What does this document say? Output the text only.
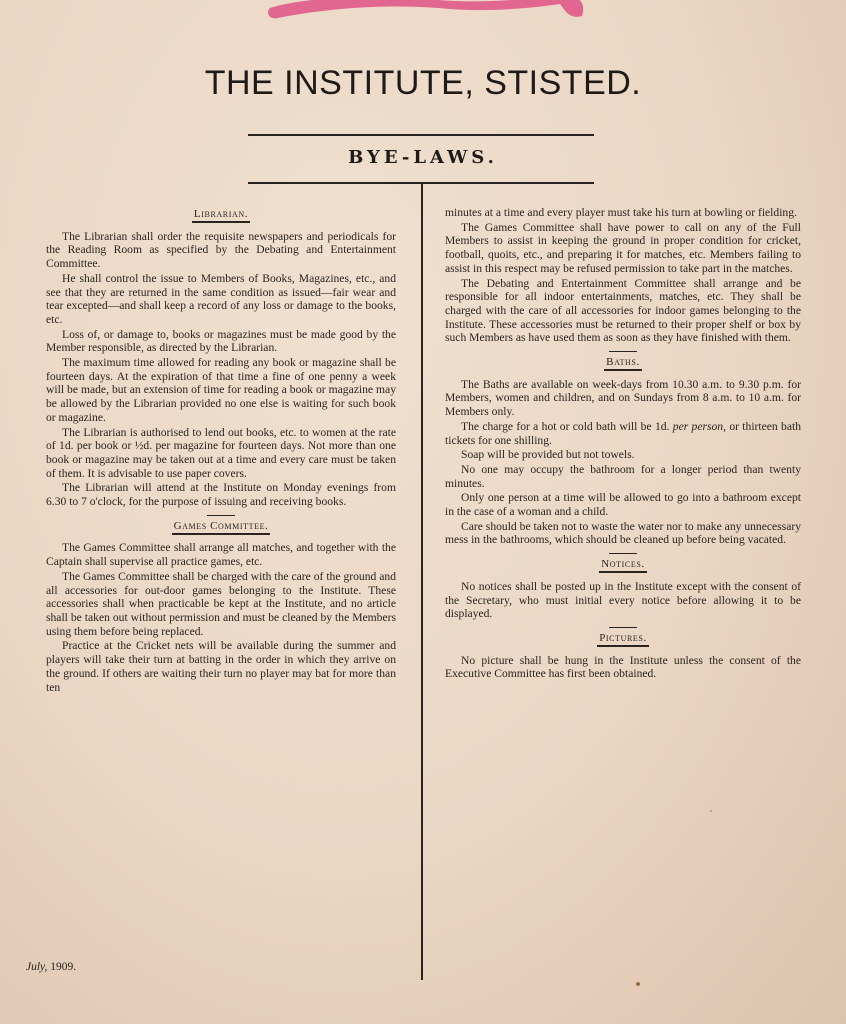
THE INSTITUTE, STISTED.
BYE-LAWS.
Librarian.

The Librarian shall order the requisite newspapers and periodicals for the Reading Room as specified by the Debating and Entertainment Committee.

He shall control the issue to Members of Books, Magazines, etc., and see that they are returned in the same condition as issued—fair wear and tear excepted—and shall keep a record of any loss or damage to the books, etc.

Loss of, or damage to, books or magazines must be made good by the Member responsible, as directed by the Librarian.

The maximum time allowed for reading any book or magazine shall be fourteen days. At the expiration of that time a fine of one penny a week will be made, but an extension of time for reading a book or magazine may be allowed by the Librarian provided no one else is waiting for such book or magazine.

The Librarian is authorised to lend out books, etc. to women at the rate of 1d. per book or ½d. per magazine for fourteen days. Not more than one book or magazine may be taken out at a time and every care must be taken of them. It is advisable to use paper covers.

The Librarian will attend at the Institute on Monday evenings from 6.30 to 7 o'clock, for the purpose of issuing and receiving books.

Games Committee.

The Games Committee shall arrange all matches, and together with the Captain shall supervise all practice games, etc.

The Games Committee shall be charged with the care of the ground and all accessories for out-door games belonging to the Institute. These accessories shall when practicable be kept at the Institute, and no article shall be taken out without permission and must be cleaned by the Members using them before being replaced.

Practice at the Cricket nets will be available during the summer and players will take their turn at batting in the order in which they arrive on the ground. If others are waiting their turn no player may bat for more than ten

minutes at a time and every player must take his turn at bowling or fielding.

The Games Committee shall have power to call on any of the Full Members to assist in keeping the ground in proper condition for cricket, football, quoits, etc., and preparing it for matches, etc. Members failing to assist in this respect may be refused permission to take part in the matches.

The Debating and Entertainment Committee shall arrange and be responsible for all indoor entertainments, matches, etc. They shall be charged with the care of all accessories for indoor games belonging to the Institute. These accessories must be returned to their proper shelf or box by such Members as have used them as soon as they have finished with them.

Baths.

The Baths are available on week-days from 10.30 a.m. to 9.30 p.m. for Members, women and children, and on Sundays from 8 a.m. to 10 a.m. for Members only.

The charge for a hot or cold bath will be 1d. per person, or thirteen bath tickets for one shilling.

Soap will be provided but not towels.

No one may occupy the bathroom for a longer period than twenty minutes.

Only one person at a time will be allowed to go into a bathroom except in the case of a woman and a child.

Care should be taken not to waste the water nor to make any unnecessary mess in the bathrooms, which should be cleaned up before being vacated.

Notices.

No notices shall be posted up in the Institute except with the consent of the Secretary, who must initial every notice before allowing it to be displayed.

Pictures.

No picture shall be hung in the Institute unless the consent of the Executive Committee has first been obtained.

July, 1909.
